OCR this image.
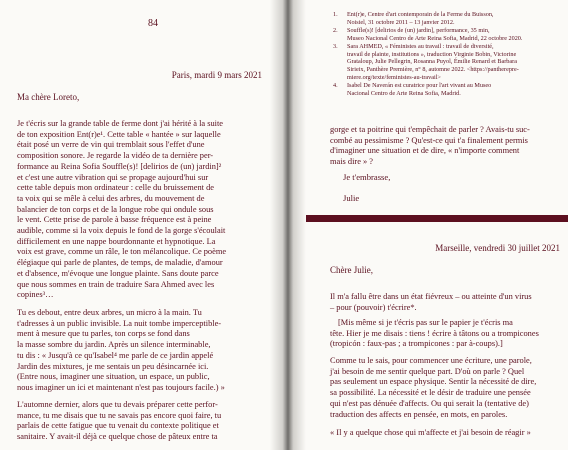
84
Paris, mardi 9 mars 2021
Ma chère Loreto,
Je t'écris sur la grande table de ferme dont j'ai hérité à la suite
de ton exposition Ent(r)e¹. Cette table « hantée » sur laquelle
était posé un verre de vin qui tremblait sous l'effet d'une
composition sonore. Je regarde la vidéo de ta dernière per-
formance au Reina Sofia Souffle(s)! [delirios de (un) jardin]²
et c'est une autre vibration qui se propage aujourd'hui sur
cette table depuis mon ordinateur : celle du bruissement de
ta voix qui se mêle à celui des arbres, du mouvement de
balancier de ton corps et de la longue robe qui ondule sous
le vent. Cette prise de parole à basse fréquence est à peine
audible, comme si la voix depuis le fond de la gorge s'écoulait
difficilement en une nappe bourdonnante et hypnotique. La
voix est grave, comme un râle, le ton mélancolique. Ce poème
élégiaque qui parle de plantes, de temps, de maladie, d'amour
et d'absence, m'évoque une longue plainte. Sans doute parce
que nous sommes en train de traduire Sara Ahmed avec les
copines³…
Tu es debout, entre deux arbres, un micro à la main. Tu
t'adresses à un public invisible. La nuit tombe imperceptible-
ment à mesure que tu parles, ton corps se fond dans
la masse sombre du jardin. Après un silence interminable,
tu dis : « Jusqu'à ce qu'Isabel⁴ me parle de ce jardin appelé
Jardin des mixtures, je me sentais un peu désincarnée ici.
(Entre nous, imaginer une situation, un espace, un public,
nous imaginer un ici et maintenant n'est pas toujours facile.) »
L'automne dernier, alors que tu devais préparer cette perfor-
mance, tu me disais que tu ne savais pas encore quoi faire, tu
parlais de cette fatigue que tu venait du contexte politique et
sanitaire. Y avait-il déjà ce quelque chose de pâteux entre ta
1. Ent(r)e, Centre d'art contemporain de la Ferme du Buisson,
Noisiel, 31 octobre 2011 – 13 janvier 2012.
2. Souffle(s)! [delirios de (un) jardin], performance, 35 min,
Museo Nacional Centro de Arte Reina Sofia, Madrid, 22 octobre 2020.
3. Sara AHMED, « Féministes au travail : travail de diversité,
travail de plainte, institutions », traduction Virginie Bobin, Victorine
Grataloup, Julie Pellegrin, Rosanna Puyol, Émilie Renard et Barbara
Sirieix, Panthère Première, n° 8, automne 2022. <https://panthereprе-
miere.org/texte/feministes-au-travail>
4. Isabel De Naverán est curatrice pour l'art vivant au Museo
Nacional Centro de Arte Reina Sofia, Madrid.
gorge et ta poitrine qui t'empêchait de parler ? Avais-tu suc-
combé au pessimisme ? Qu'est-ce qui t'a finalement permis
d'imaginer une situation et de dire, « n'importe comment
mais dire » ?
Je t'embrasse,
Julie
Marseille, vendredi 30 juillet 2021
Chère Julie,
Il m'a fallu être dans un état fiévreux – ou atteinte d'un virus
– pour (pouvoir) t'écrire*.
[Mis même si je t'écris pas sur le papier je t'écris ma
tête. Hier je me disais : tiens ! écrire à tâtons ou a trompicones
(tropicón : faux-pas ; a trompicones : par à-coups).]
Comme tu le sais, pour commencer une écriture, une parole,
j'ai besoin de me sentir quelque part. D'où on parle ? Quel
pas seulement un espace physique. Sentir la nécessité de dire,
sa possibilité. La nécessité et le désir de traduire une pensée
qui n'est pas dénuée d'affects. Ou qui serait la (tentative de)
traduction des affects en pensée, en mots, en paroles.
« Il y a quelque chose qui m'affecte et j'ai besoin de réagir »
